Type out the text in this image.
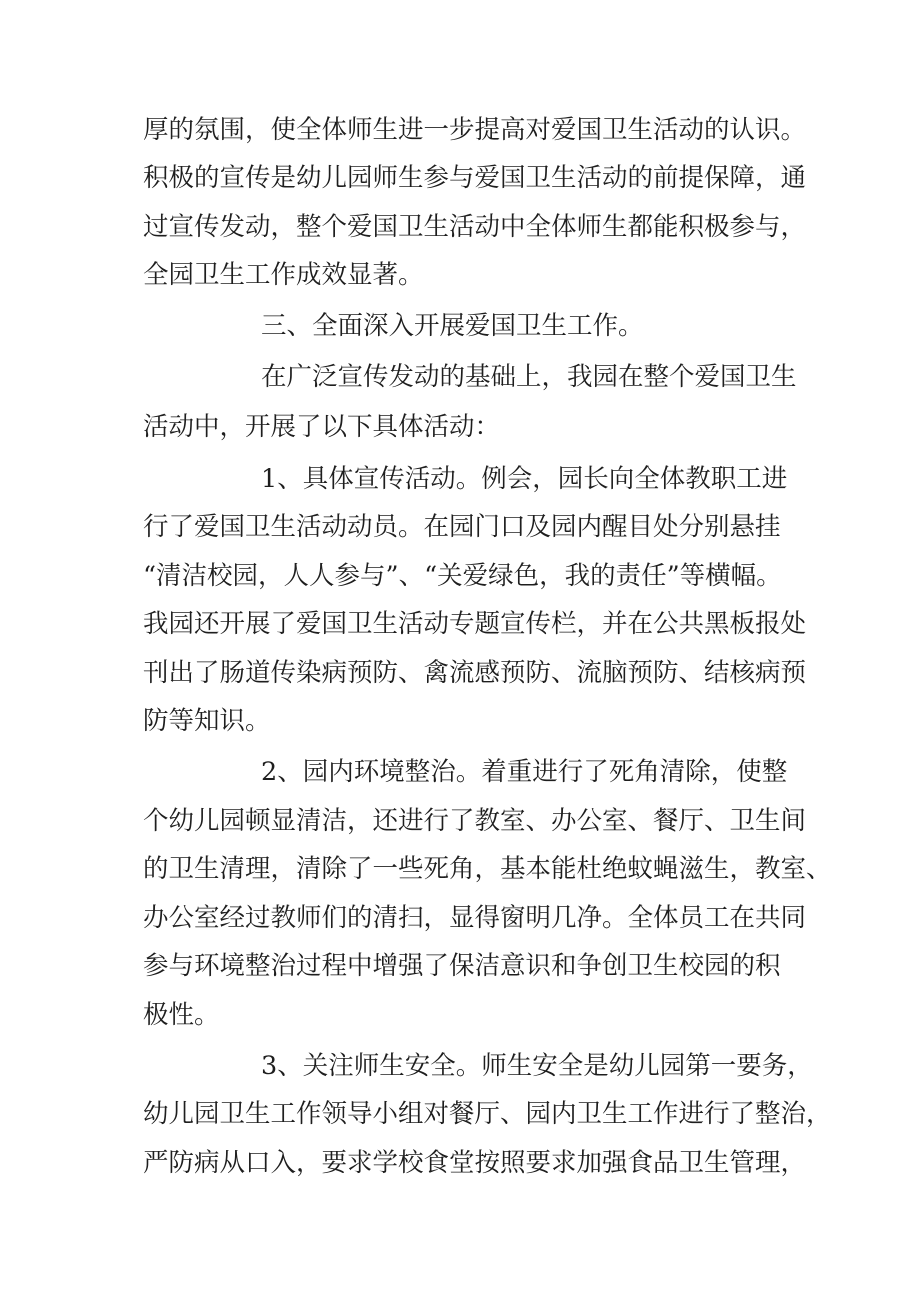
厚的氛围，使全体师生进一步提高对爱国卫生活动的认识。
积极的宣传是幼儿园师生参与爱国卫生活动的前提保障，通
过宣传发动，整个爱国卫生活动中全体师生都能积极参与，
全园卫生工作成效显著。
三、全面深入开展爱国卫生工作。
在广泛宣传发动的基础上，我园在整个爱国卫生
活动中，开展了以下具体活动：
1、具体宣传活动。例会，园长向全体教职工进
行了爱国卫生活动动员。在园门口及园内醒目处分别悬挂
“清洁校园，人人参与”、“关爱绿色，我的责任”等横幅。
我园还开展了爱国卫生活动专题宣传栏，并在公共黑板报处
刊出了肠道传染病预防、禽流感预防、流脑预防、结核病预
防等知识。
2、园内环境整治。着重进行了死角清除，使整
个幼儿园顿显清洁，还进行了教室、办公室、餐厅、卫生间
的卫生清理，清除了一些死角，基本能杜绝蚊蝇滋生，教室、
办公室经过教师们的清扫，显得窗明几净。全体员工在共同
参与环境整治过程中增强了保洁意识和争创卫生校园的积
极性。
3、关注师生安全。师生安全是幼儿园第一要务，
幼儿园卫生工作领导小组对餐厅、园内卫生工作进行了整治，
严防病从口入，要求学校食堂按照要求加强食品卫生管理，
